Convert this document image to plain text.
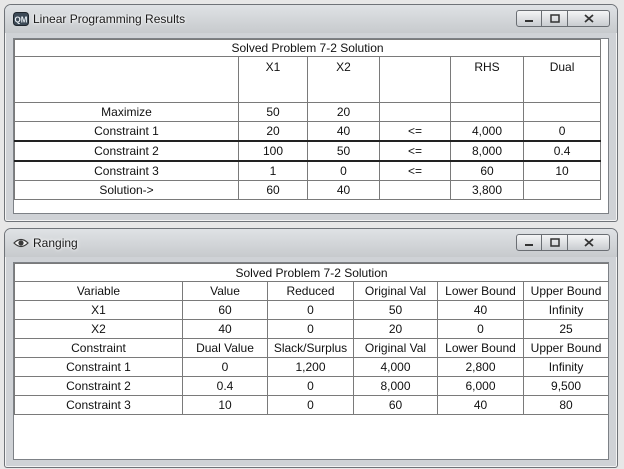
QM Linear Programming Results
Solved Problem 7-2 Solution					
	X1	X2		RHS	Dual
Maximize	50	20			
Constraint 1	20	40	<=	4,000	0
Constraint 2	100	50	<=	8,000	0.4
Constraint 3	1	0	<=	60	10
Solution->	60	40		3,800	
Ranging
Solved Problem 7-2 Solution					
Variable	Value	Reduced	Original Val	Lower Bound	Upper Bound
X1	60	0	50	40	Infinity
X2	40	0	20	0	25
Constraint	Dual Value	Slack/Surplus	Original Val	Lower Bound	Upper Bound
Constraint 1	0	1,200	4,000	2,800	Infinity
Constraint 2	0.4	0	8,000	6,000	9,500
Constraint 3	10	0	60	40	80
